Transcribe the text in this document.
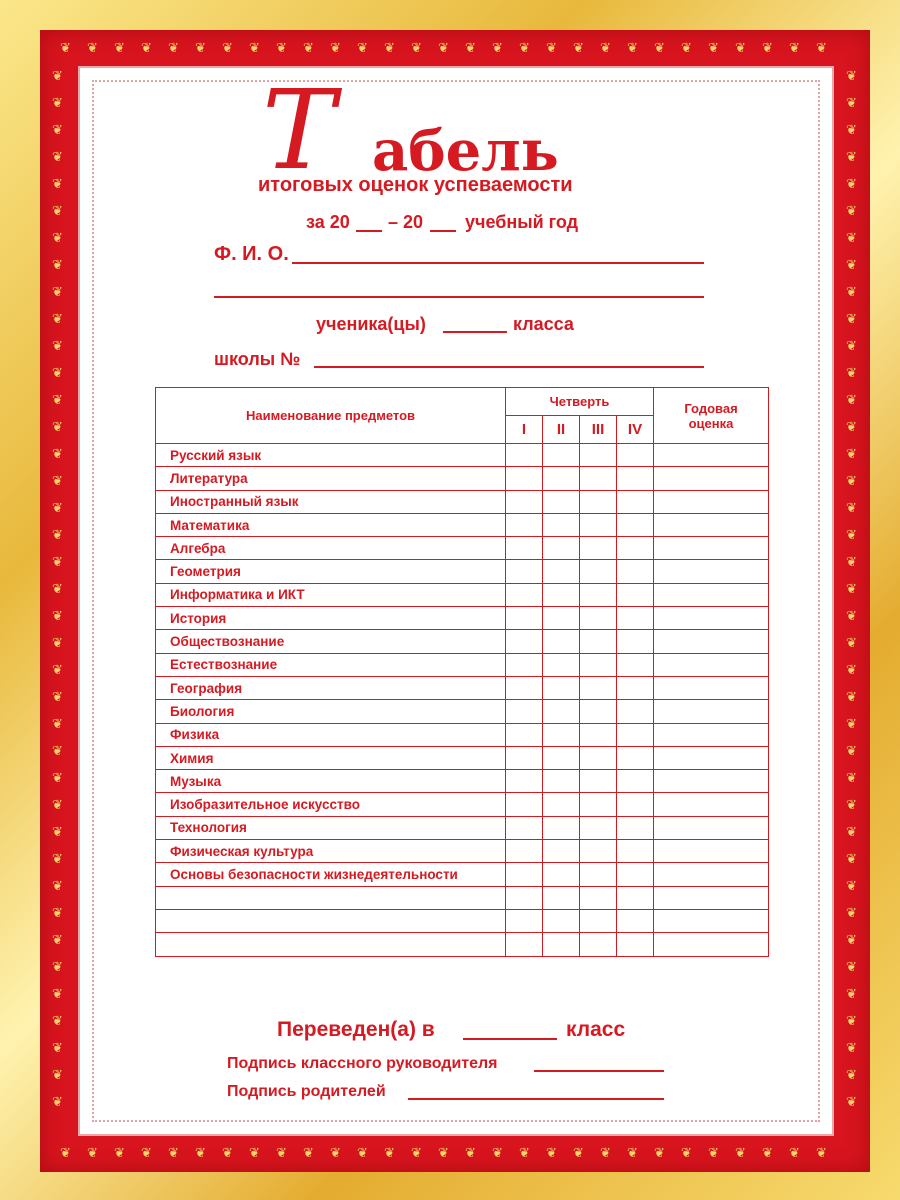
❦
❦
❦
❦
❦
❦
❦
❦
❦
❦
❦
❦
❦
❦
❦
❦
❦
❦
❦
❦
❦
❦
❦
❦
❦
❦
❦
❦
❦
❦
❦
❦
❦
❦
❦
❦
❦
❦
❦
❦
❦
❦
❦
❦
❦
❦
❦
❦
❦
❦
❦
❦
❦
❦
❦
❦
❦
❦
❦	❦
❦	❦
❦	❦
❦	❦
❦	❦
❦	❦
❦	❦
❦	❦
❦	❦
❦	❦
❦	❦
❦	❦
❦	❦
❦	❦
❦	❦
❦	❦
❦	❦
❦	❦
❦	❦
❦	❦
❦	❦
❦	❦
❦	❦
❦	❦
❦	❦
❦	❦
❦	❦
❦	❦
❦	❦
❦	❦
❦	❦
❦	❦
❦	❦
❦	❦
❦	❦
❦	❦
❦	❦
❦	❦
❦	❦
Т абель
итоговых оценок успеваемости
за 20 – 20 учебный год
Ф. И. О.
ученика(цы)	класса
школы №
Наименование предметов	Четверть				Годовая
оценка
	I	II	III	IV	
Русский язык					
Литература					
Иностранный язык					
Математика					
Алгебра					
Геометрия					
Информатика и ИКТ					
История					
Обществознание					
Естествознание					
География					
Биология					
Физика					
Химия					
Музыка					
Изобразительное искусство					
Технология					
Физическая культура					
Основы безопасности жизнедеятельности					

Переведен(а) в	класс
Подпись классного руководителя
Подпись родителей
